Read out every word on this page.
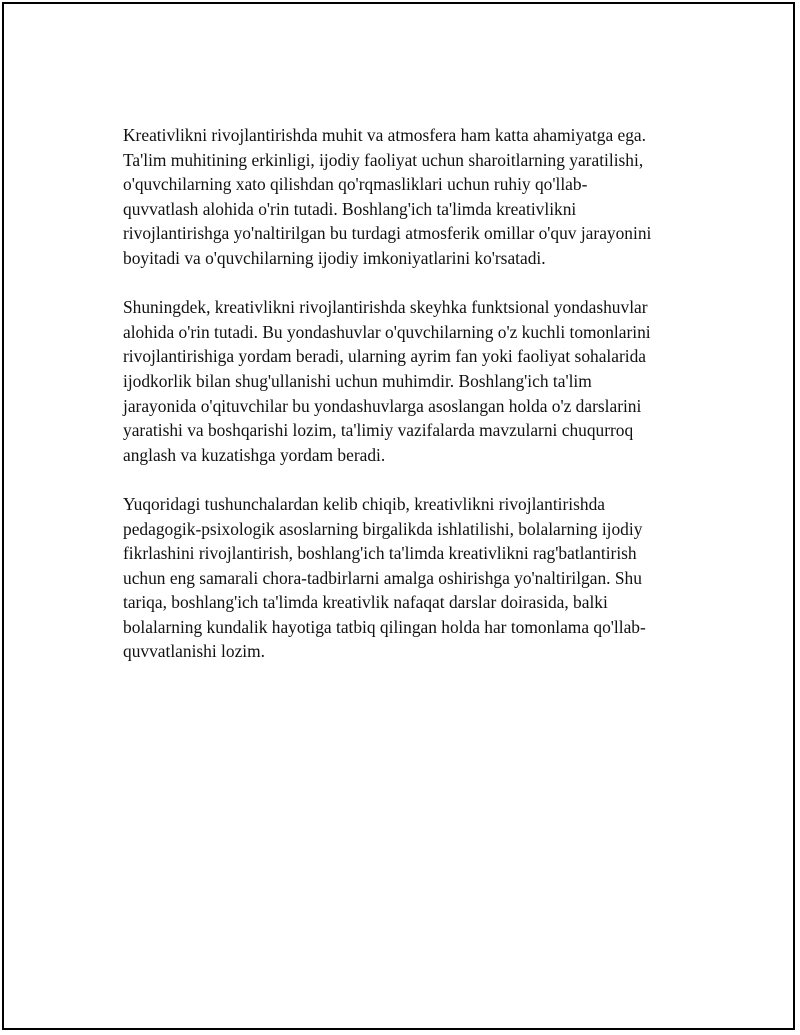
Kreativlikni rivojlantirishda muhit va atmosfera ham katta ahamiyatga ega.
Ta'lim muhitining erkinligi, ijodiy faoliyat uchun sharoitlarning yaratilishi,
o'quvchilarning xato qilishdan qo'rqmasliklari uchun ruhiy qo'llab-
quvvatlash alohida o'rin tutadi. Boshlang'ich ta'limda kreativlikni
rivojlantirishga yo'naltirilgan bu turdagi atmosferik omillar o'quv jarayonini
boyitadi va o'quvchilarning ijodiy imkoniyatlarini ko'rsatadi.

Shuningdek, kreativlikni rivojlantirishda skeyhka funktsional yondashuvlar
alohida o'rin tutadi. Bu yondashuvlar o'quvchilarning o'z kuchli tomonlarini
rivojlantirishiga yordam beradi, ularning ayrim fan yoki faoliyat sohalarida
ijodkorlik bilan shug'ullanishi uchun muhimdir. Boshlang'ich ta'lim
jarayonida o'qituvchilar bu yondashuvlarga asoslangan holda o'z darslarini
yaratishi va boshqarishi lozim, ta'limiy vazifalarda mavzularni chuqurroq
anglash va kuzatishga yordam beradi.

Yuqoridagi tushunchalardan kelib chiqib, kreativlikni rivojlantirishda
pedagogik-psixologik asoslarning birgalikda ishlatilishi, bolalarning ijodiy
fikrlashini rivojlantirish, boshlang'ich ta'limda kreativlikni rag'batlantirish
uchun eng samarali chora-tadbirlarni amalga oshirishga yo'naltirilgan. Shu
tariqa, boshlang'ich ta'limda kreativlik nafaqat darslar doirasida, balki
bolalarning kundalik hayotiga tatbiq qilingan holda har tomonlama qo'llab-
quvvatlanishi lozim.
